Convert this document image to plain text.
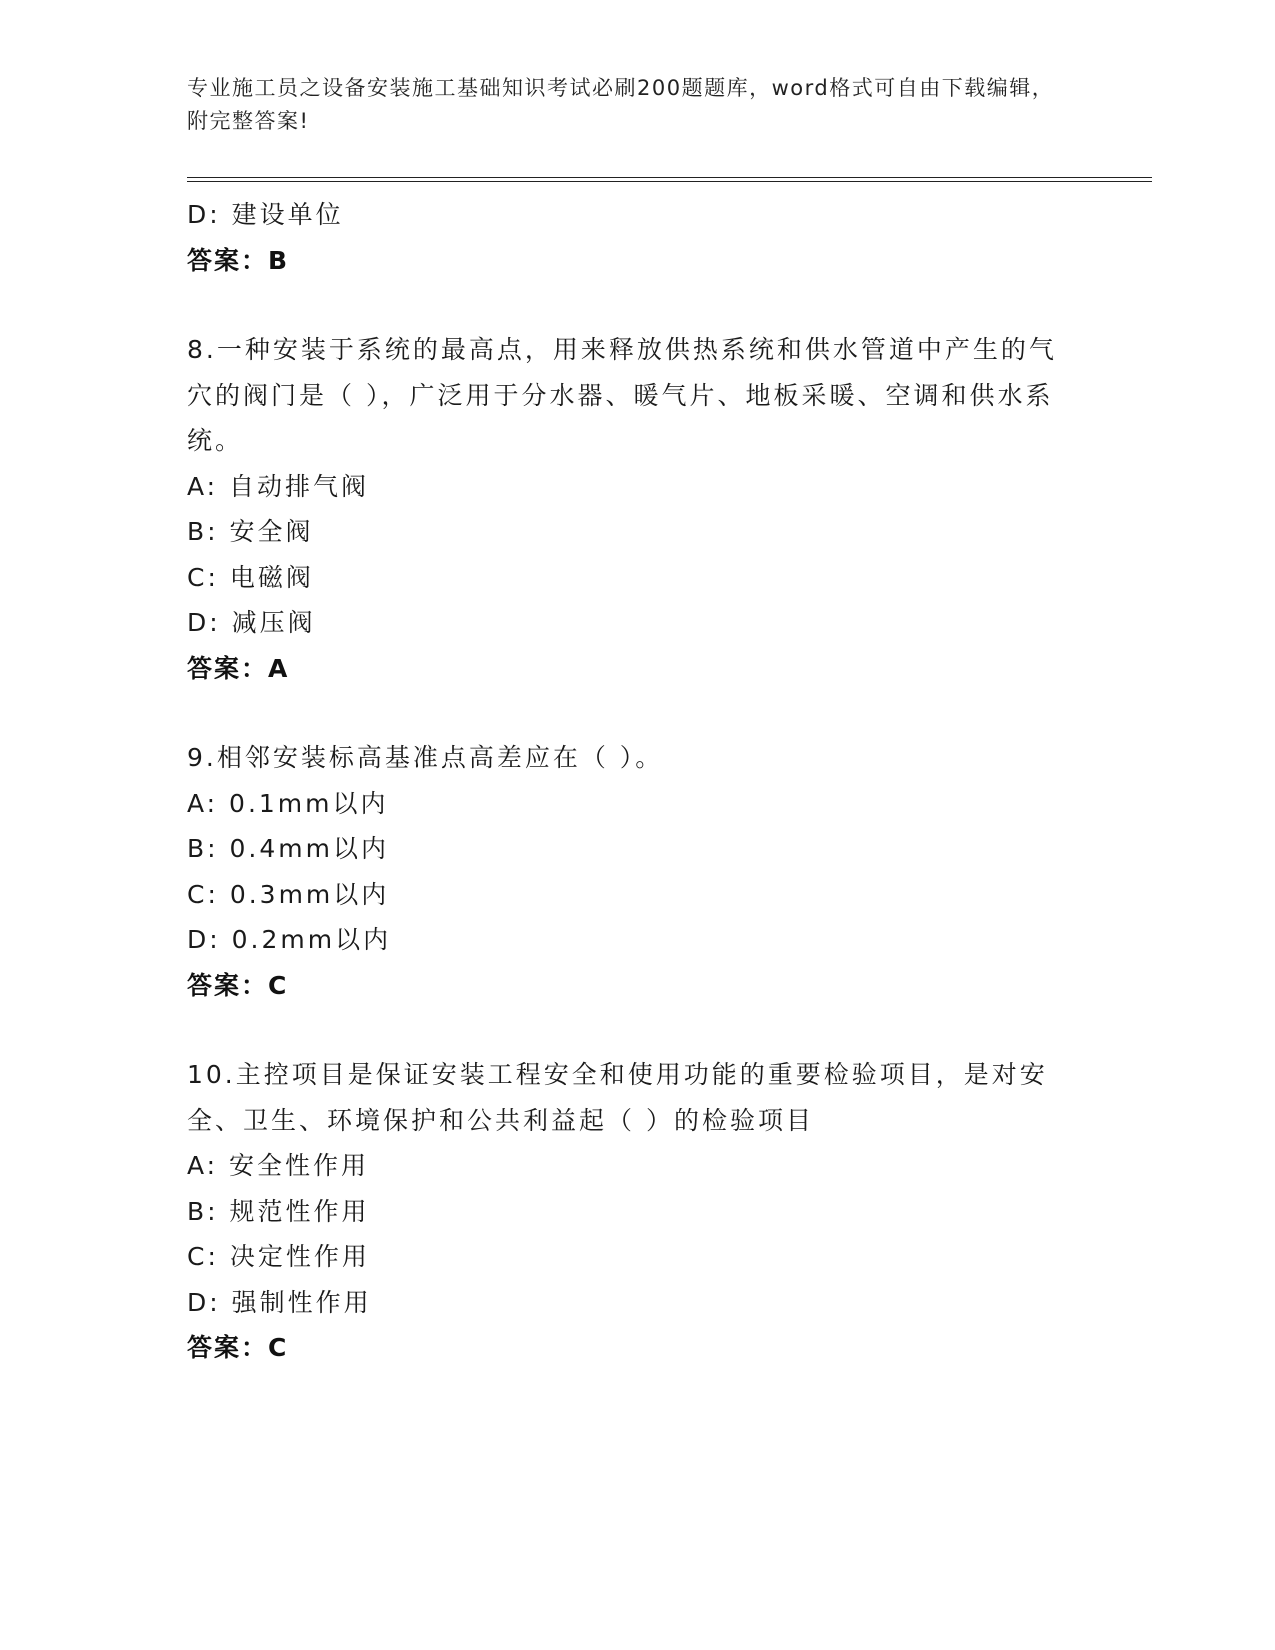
专业施工员之设备安装施工基础知识考试必刷200题题库，word格式可自由下载编辑，附完整答案!
D: 建设单位
答案：B
8.一种安装于系统的最高点，用来释放供热系统和供水管道中产生的气穴的阀门是（ ），广泛用于分水器、暖气片、地板采暖、空调和供水系统。
A: 自动排气阀
B: 安全阀
C: 电磁阀
D: 减压阀
答案：A
9.相邻安装标高基准点高差应在（ ）。
A: 0.1mm以内
B: 0.4mm以内
C: 0.3mm以内
D: 0.2mm以内
答案：C
10.主控项目是保证安装工程安全和使用功能的重要检验项目，是对安全、卫生、环境保护和公共利益起（ ）的检验项目
A: 安全性作用
B: 规范性作用
C: 决定性作用
D: 强制性作用
答案：C
